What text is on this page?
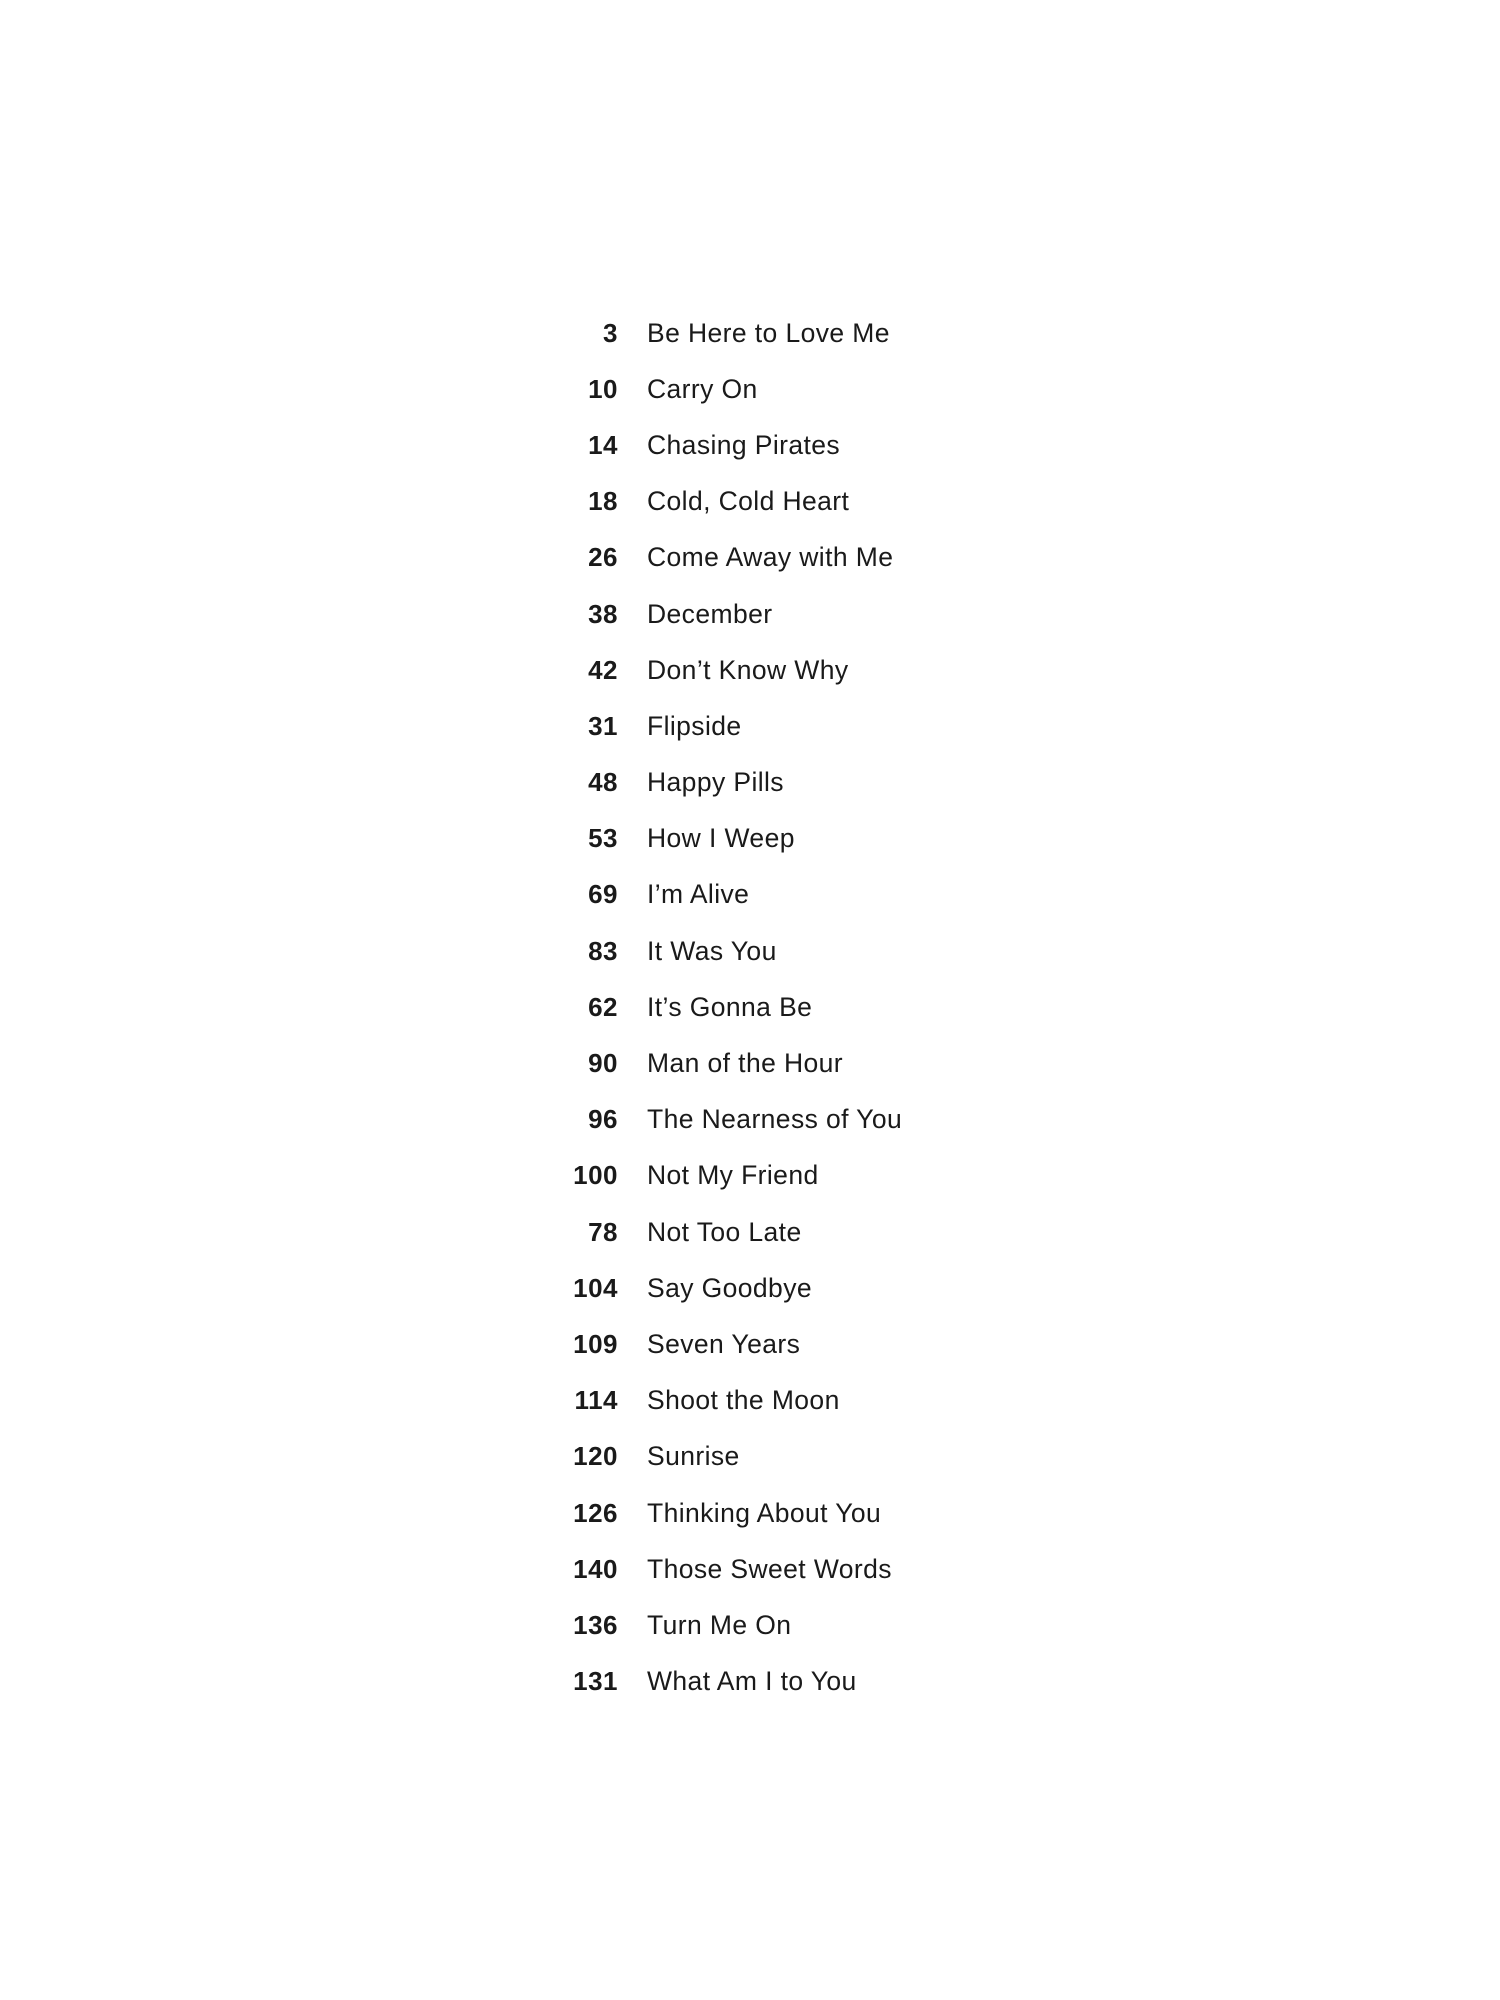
3 Be Here to Love Me
10 Carry On
14 Chasing Pirates
18 Cold, Cold Heart
26 Come Away with Me
38 December
42 Don’t Know Why
31 Flipside
48 Happy Pills
53 How I Weep
69 I’m Alive
83 It Was You
62 It’s Gonna Be
90 Man of the Hour
96 The Nearness of You
100 Not My Friend
78 Not Too Late
104 Say Goodbye
109 Seven Years
114 Shoot the Moon
120 Sunrise
126 Thinking About You
140 Those Sweet Words
136 Turn Me On
131 What Am I to You
